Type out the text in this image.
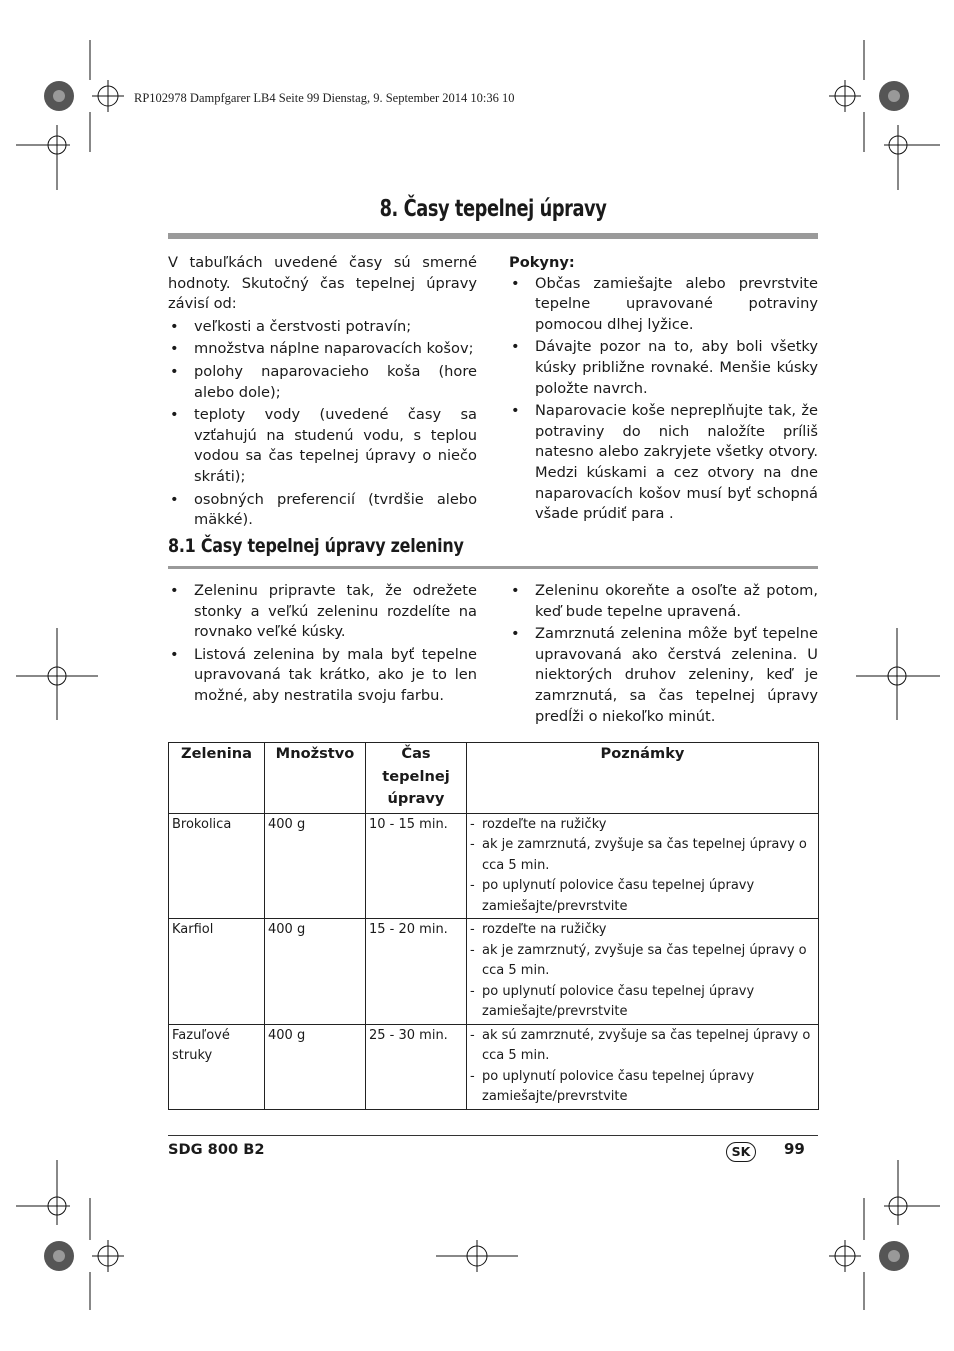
RP102978 Dampfgarer LB4 Seite 99 Dienstag, 9. September 2014 10:36 10
8. Časy tepelnej úpravy

V tabuľkách uvedené časy sú smerné hodnoty. Skutočný čas tepelnej úpravy závisí od:

• veľkosti a čerstvosti potravín;
• množstva náplne naparovacích košov;
• polohy naparovacieho koša (hore alebo dole);
• teploty vody (uvedené časy sa vzťahujú na studenú vodu, s teplou vodou sa čas tepelnej úpravy o niečo skráti);
• osobných preferencií (tvrdšie alebo mäkké).

Pokyny:

• Občas zamiešajte alebo prevrstvite tepelne upravované potraviny pomocou dlhej lyžice.
• Dávajte pozor na to, aby boli všetky kúsky približne rovnaké. Menšie kúsky položte navrch.
• Naparovacie koše nepreplňujte tak, že potraviny do nich naložíte príliš natesno alebo zakryjete všetky otvory. Medzi kúskami a cez otvory na dne naparovacích košov musí byť schopná všade prúdiť para .
8.1 Časy tepelnej úpravy zeleniny
• Zeleninu pripravte tak, že odrežete stonky a veľkú zeleninu rozdelíte na rovnako veľké kúsky.
• Listová zelenina by mala byť tepelne upravovaná tak krátko, ako je to len možné, aby nestratila svoju farbu.
• Zeleninu okoreňte a osoľte až potom, keď bude tepelne upravená.
• Zamrznutá zelenina môže byť tepelne upravovaná ako čerstvá zelenina. U niektorých druhov zeleniny, keď je zamrznutá, sa čas tepelnej úpravy predĺži o niekoľko minút.
Zelenina	Množstvo	Čas tepelnej úpravy	Poznámky
Brokolica	400 g	10 - 15 min.	- rozdeľte na ružičky
- ak je zamrznutá, zvyšuje sa čas tepelnej úpravy o cca 5 min.
- po uplynutí polovice času tepelnej úpravy zamiešajte/prevrstvite

Karfiol	400 g	15 - 20 min.	- rozdeľte na ružičky
- ak je zamrznutý, zvyšuje sa čas tepelnej úpravy o cca 5 min.
- po uplynutí polovice času tepelnej úpravy zamiešajte/prevrstvite

Fazuľové struky	400 g	25 - 30 min.	- ak sú zamrznuté, zvyšuje sa čas tepelnej úpravy o cca 5 min.
- po uplynutí polovice času tepelnej úpravy zamiešajte/prevrstvite
SDG 800 B2	SK	99
